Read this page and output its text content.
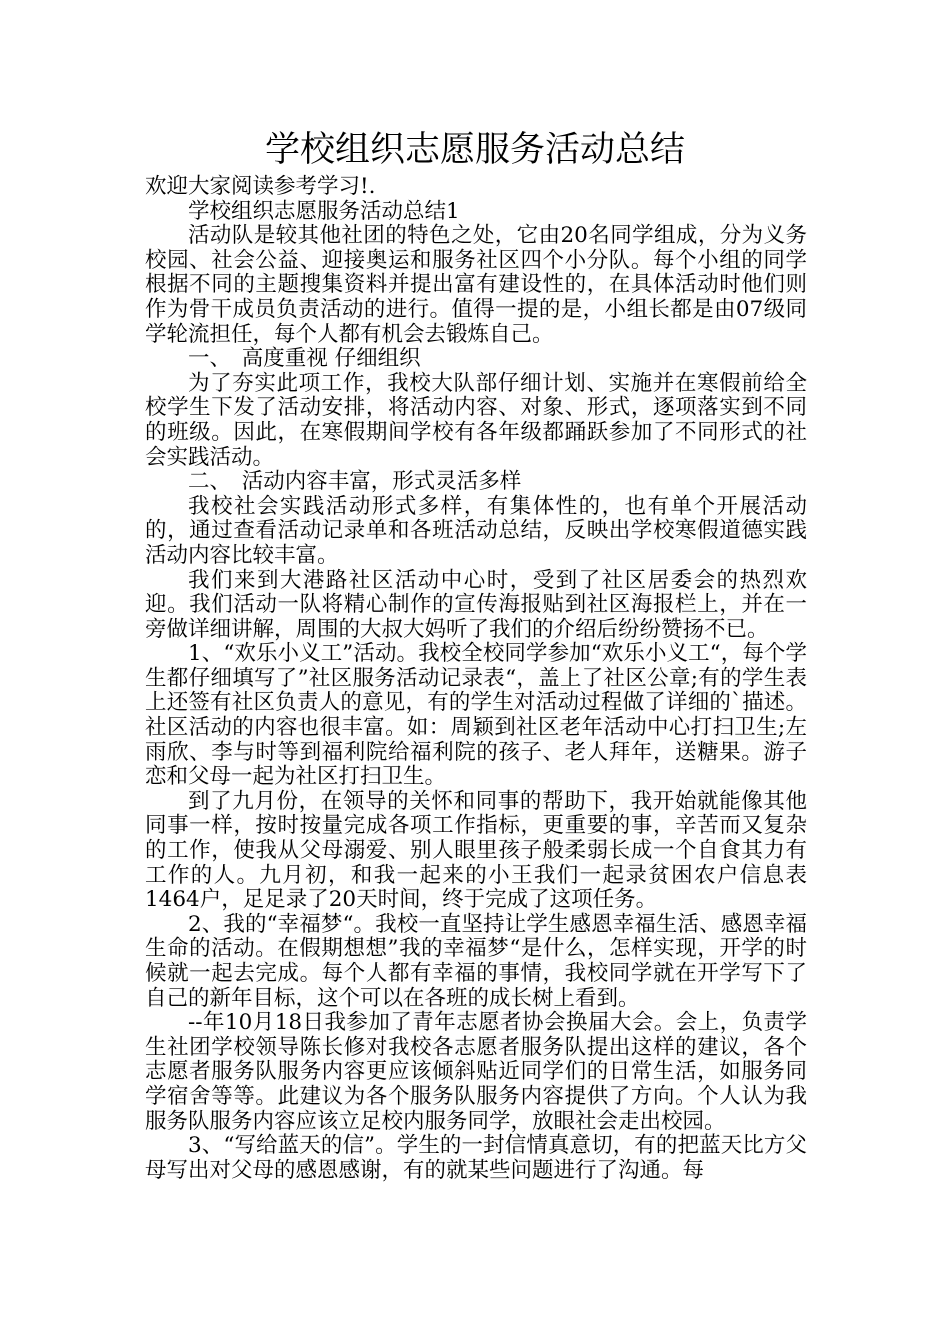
学校组织志愿服务活动总结

欢迎大家阅读参考学习!.

学校组织志愿服务活动总结1

活动队是较其他社团的特色之处，它由20名同学组成，分为义务校园、社会公益、迎接奥运和服务社区四个小分队。每个小组的同学根据不同的主题搜集资料并提出富有建设性的，在具体活动时他们则作为骨干成员负责活动的进行。值得一提的是，小组长都是由07级同学轮流担任，每个人都有机会去锻炼自己。

一、　高度重视 仔细组织

为了夯实此项工作，我校大队部仔细计划、实施并在寒假前给全校学生下发了活动安排，将活动内容、对象、形式，逐项落实到不同的班级。因此，在寒假期间学校有各年级都踊跃参加了不同形式的社会实践活动。

二、　活动内容丰富，形式灵活多样

我校社会实践活动形式多样，有集体性的，也有单个开展活动的，通过查看活动记录单和各班活动总结，反映出学校寒假道德实践活动内容比较丰富。

我们来到大港路社区活动中心时，受到了社区居委会的热烈欢迎。我们活动一队将精心制作的宣传海报贴到社区海报栏上，并在一旁做详细讲解，周围的大叔大妈听了我们的介绍后纷纷赞扬不已。

1、“欢乐小义工”活动。我校全校同学参加“欢乐小义工“，每个学生都仔细填写了”社区服务活动记录表“，盖上了社区公章;有的学生表上还签有社区负责人的意见，有的学生对活动过程做了详细的`描述。社区活动的内容也很丰富。如：周颖到社区老年活动中心打扫卫生;左雨欣、李与时等到福利院给福利院的孩子、老人拜年，送糖果。游子恋和父母一起为社区打扫卫生。

到了九月份，在领导的关怀和同事的帮助下，我开始就能像其他同事一样，按时按量完成各项工作指标，更重要的事，辛苦而又复杂的工作，使我从父母溺爱、别人眼里孩子般柔弱长成一个自食其力有工作的人。九月初，和我一起来的小王我们一起录贫困农户信息表1464户，足足录了20天时间，终于完成了这项任务。

2、我的“幸福梦“。我校一直坚持让学生感恩幸福生活、感恩幸福生命的活动。在假期想想”我的幸福梦“是什么，怎样实现，开学的时候就一起去完成。每个人都有幸福的事情，我校同学就在开学写下了自己的新年目标，这个可以在各班的成长树上看到。

--年10月18日我参加了青年志愿者协会换届大会。会上，负责学生社团学校领导陈长修对我校各志愿者服务队提出这样的建议，各个志愿者服务队服务内容更应该倾斜贴近同学们的日常生活，如服务同学宿舍等等。此建议为各个服务队服务内容提供了方向。个人认为我服务队服务内容应该立足校内服务同学，放眼社会走出校园。

3、“写给蓝天的信”。学生的一封信情真意切，有的把蓝天比方父母写出对父母的感恩感谢，有的就某些问题进行了沟通。每
